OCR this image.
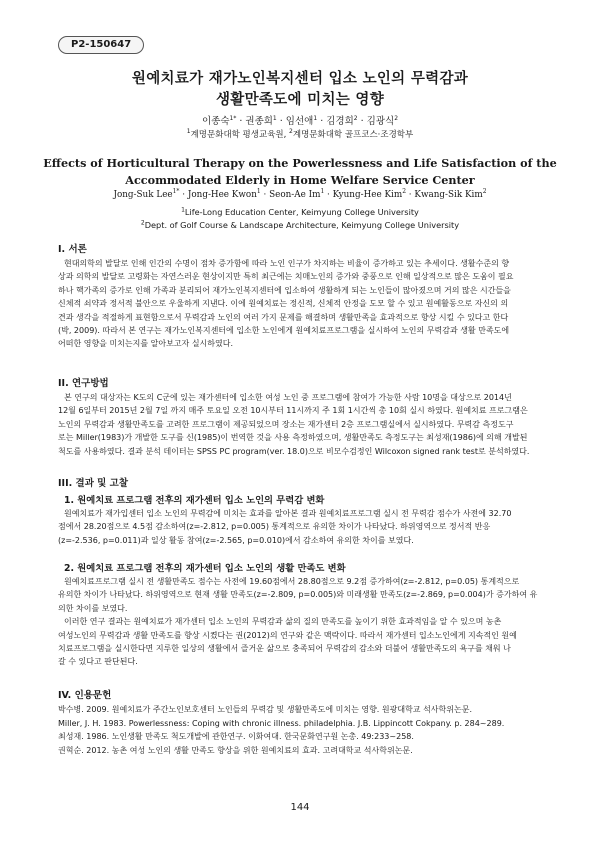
P2-150647
원예치료가 재가노인복지센터 입소 노인의 무력감과
생활만족도에 미치는 영향
이종숙$^{1*}$ · 권종희$^1$ · 임선애$^1$ · 김경희$^2$ · 김광식$^2$
$^1$계명문화대학 평생교육원, $^2$계명문화대학 골프코스·조경학부
Effects of Horticultural Therapy on the Powerlessness and Life Satisfaction of the
Accommodated Elderly in Home Welfare Service Center
Jong-Suk Lee$^{1*}$ · Jong-Hee Kwon$^1$ · Seon-Ae $Im^1$ · Kyung-Hee Kim$^2$ · Kwang-Sik Kim$^2$
$^1$Life-Long Education Center, Keimyung College University
$^2$Dept. of Golf Course & Landscape Architecture, Keimyung College University
I. 서론
현대의학의 발달로 인해 인간의 수명이 점차 증가함에 따라 노인 인구가 차지하는 비율이 증가하고 있는 추세이다. 생활수준의 향
상과 의학의 발달로 고령화는 자연스러운 현상이지만 특히 최근에는 치매노인의 증가와 중풍으로 인해 일상적으로 많은 도움이 필요
하나 핵가족의 증가로 인해 가족과 분리되어 재가노인복지센터에 입소하여 생활하게 되는 노인들이 많아졌으며 거의 많은 시간들을
신체적 쇠약과 정서적 불안으로 우울하게 지낸다. 이에 원예치료는 정신적, 신체적 안정을 도모 할 수 있고 원예활동으로 자신의 의
견과 생각을 적절하게 표현함으로서 무력감과 노인의 여러 가지 문제를 해결하며 생활만족을 효과적으로 향상 시킬 수 있다고 한다
(박, 2009). 따라서 본 연구는 재가노인복지센터에 입소한 노인에게 원예치료프로그램을 실시하여 노인의 무력감과 생활 만족도에
어떠한 영향을 미치는지를 알아보고자 실시하였다.
II. 연구방법
본 연구의 대상자는 K도의 C군에 있는 재가센터에 입소한 여성 노인 중 프로그램에 참여가 가능한 사람 10명을 대상으로 2014년
12월 6일부터 2015년 2월 7일 까지 매주 토요일 오전 10시부터 11시까지 주 1회 1시간씩 총 10회 실시 하였다. 원예치료 프로그램은
노인의 무력감과 생활만족도를 고려한 프로그램이 제공되었으며 장소는 재가센터 2층 프로그램실에서 실시하였다. 무력감 측정도구
로는 Miller(1983)가 개발한 도구를 신(1985)이 번역한 것을 사용 측정하였으며, 생활만족도 측정도구는 최성재(1986)에 의해 개발된
척도를 사용하였다. 결과 분석 데이터는 SPSS PC program(ver. 18.0)으로 비모수검정인 Wilcoxon signed rank test로 분석하였다.
III. 결과 및 고찰
1. 원예치료 프로그램 전후의 재가센터 입소 노인의 무력감 변화
원예치료가 재가입센터 입소 노인의 무력감에 미치는 효과를 알아본 결과 원예치료프로그램 실시 전 무력감 점수가 사전에 32.70
점에서 28.20점으로 4.5점 감소하여(z=-2.812, p=0.005) 통계적으로 유의한 차이가 나타났다. 하위영역으로 정서적 반응
(z=-2.536, p=0.011)과 일상 활동 참여(z=-2.565, p=0.010)에서 감소하여 유의한 차이를 보였다.
2. 원예치료 프로그램 전후의 재가센터 입소 노인의 생활 만족도 변화
원예치료프로그램 실시 전 생활만족도 점수는 사전에 19.60점에서 28.80점으로 9.2점 증가하여(z=-2.812, p=0.05) 통계적으로
유의한 차이가 나타났다. 하위영역으로 현재 생활 만족도(z=-2.809, p=0.005)와 미래생활 만족도(z=-2.869, p=0.004)가 증가하여 유
의한 차이를 보였다.
이러한 연구 결과는 원예치료가 재가센터 입소 노인의 무력감과 삶의 질의 만족도를 높이기 위한 효과적임을 알 수 있으며 농촌
여성노인의 무력감과 생활 만족도를 향상 시켰다는 권(2012)의 연구와 같은 맥락이다. 따라서 재가센터 입소노인에게 지속적인 원예
치료프로그램을 실시한다면 지루한 일상의 생활에서 즐거운 삶으로 충족되어 무력감의 감소와 더불어 생활만족도의 욕구를 채워 나
갈 수 있다고 판단된다.
IV. 인용문헌
박수병. 2009. 원예치료가 주간노인보호센터 노인들의 무력감 및 생활만족도에 미치는 영향. 원광대학교 석사학위논문.
Miller, J. H. 1983. Powerlessness: Coping with chronic illness. philadelphia. J.B. Lippincott Cokpany. p. 284~289.
최성재. 1986. 노인생활 만족도 척도개발에 관한연구. 이화여대. 한국문화연구원 논총. 49:233~258.
권혁순. 2012. 농촌 여성 노인의 생활 만족도 향상을 위한 원예치료의 효과. 고려대학교 석사학위논문.
144
